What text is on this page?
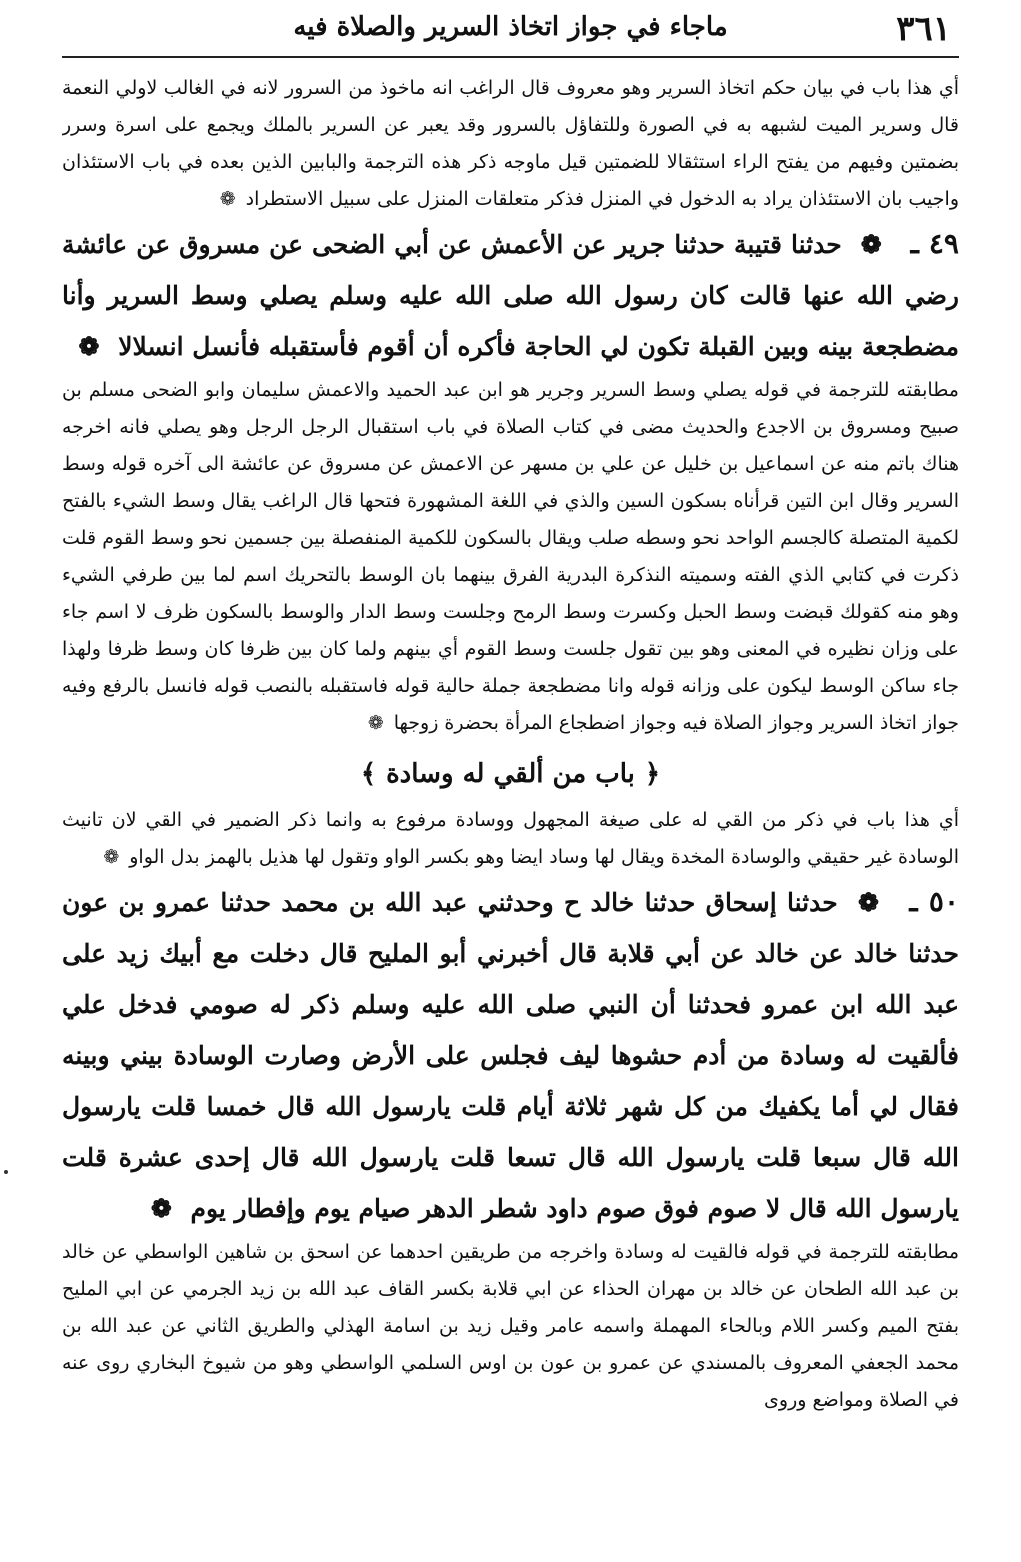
٣٦١
ماجاء في جواز اتخاذ السرير والصلاة فيه

أي هذا باب في بيان حكم اتخاذ السرير وهو معروف قال الراغب انه ماخوذ من السرور لانه في الغالب لاولي النعمة قال وسرير الميت لشبهه به في الصورة وللتفاؤل بالسرور وقد يعبر عن السرير بالملك ويجمع على اسرة وسرر بضمتين وفيهم من يفتح الراء استثقالا للضمتين قيل ماوجه ذكر هذه الترجمة والبابين الذين بعده في باب الاستئذان واجيب بان الاستئذان يراد به الدخول في المنزل فذكر متعلقات المنزل على سبيل الاستطراد❁

٤٩ ـ ❁ حدثنا قتيبة حدثنا جرير عن الأعمش عن أبي الضحى عن مسروق عن عائشة رضي الله عنها قالت كان رسول الله صلى الله عليه وسلم يصلي وسط السرير وأنا مضطجعة بينه وبين القبلة تكون لي الحاجة فأكره أن أقوم فأستقبله فأنسل انسلالا ❁

مطابقته للترجمة في قوله يصلي وسط السرير وجرير هو ابن عبد الحميد والاعمش سليمان وابو الضحى مسلم بن صبيح ومسروق بن الاجدع والحديث مضى في كتاب الصلاة في باب استقبال الرجل الرجل وهو يصلي فانه اخرجه هناك باتم منه عن اسماعيل بن خليل عن علي بن مسهر عن الاعمش عن مسروق عن عائشة الى آخره قوله وسط السرير وقال ابن التين قرأناه بسكون السين والذي في اللغة المشهورة فتحها قال الراغب يقال وسط الشيء بالفتح لكمية المتصلة كالجسم الواحد نحو وسطه صلب ويقال بالسكون للكمية المنفصلة بين جسمين نحو وسط القوم قلت ذكرت في كتابي الذي الفته وسميته النذكرة البدرية الفرق بينهما بان الوسط بالتحريك اسم لما بين طرفي الشيء وهو منه كقولك قبضت وسط الحبل وكسرت وسط الرمح وجلست وسط الدار والوسط بالسكون ظرف لا اسم جاء على وزان نظيره في المعنى وهو بين تقول جلست وسط القوم أي بينهم ولما كان بين ظرفا كان وسط ظرفا ولهذا جاء ساكن الوسط ليكون على وزانه قوله وانا مضطجعة جملة حالية قوله فاستقبله بالنصب قوله فانسل بالرفع وفيه جواز اتخاذ السرير وجواز الصلاة فيه وجواز اضطجاع المرأة بحضرة زوجها❁

﴿باب من ألقي له وسادة﴾

أي هذا باب في ذكر من القي له على صيغة المجهول ووسادة مرفوع به وانما ذكر الضمير في القي لان تانيث الوسادة غير حقيقي والوسادة المخدة ويقال لها وساد ايضا وهو بكسر الواو وتقول لها هذيل بالهمز بدل الواو❁

٥٠ ـ ❁ حدثنا إسحاق حدثنا خالد ح وحدثني عبد الله بن محمد حدثنا عمرو بن عون حدثنا خالد عن خالد عن أبي قلابة قال أخبرني أبو المليح قال دخلت مع أبيك زيد على عبد الله ابن عمرو فحدثنا أن النبي صلى الله عليه وسلم ذكر له صومي فدخل علي فألقيت له وسادة من أدم حشوها ليف فجلس على الأرض وصارت الوسادة بيني وبينه فقال لي أما يكفيك من كل شهر ثلاثة أيام قلت يارسول الله قال خمسا قلت يارسول الله قال سبعا قلت يارسول الله قال تسعا قلت يارسول الله قال إحدى عشرة قلت يارسول الله قال لا صوم فوق صوم داود شطر الدهر صيام يوم وإفطار يوم ❁

مطابقته للترجمة في قوله فالقيت له وسادة واخرجه من طريقين احدهما عن اسحق بن شاهين الواسطي عن خالد بن عبد الله الطحان عن خالد بن مهران الحذاء عن ابي قلابة بكسر القاف عبد الله بن زيد الجرمي عن ابي المليح بفتح الميم وكسر اللام وبالحاء المهملة واسمه عامر وقيل زيد بن اسامة الهذلي والطريق الثاني عن عبد الله بن محمد الجعفي المعروف بالمسندي عن عمرو بن عون بن اوس السلمي الواسطي وهو من شيوخ البخاري روى عنه في الصلاة ومواضع وروى
